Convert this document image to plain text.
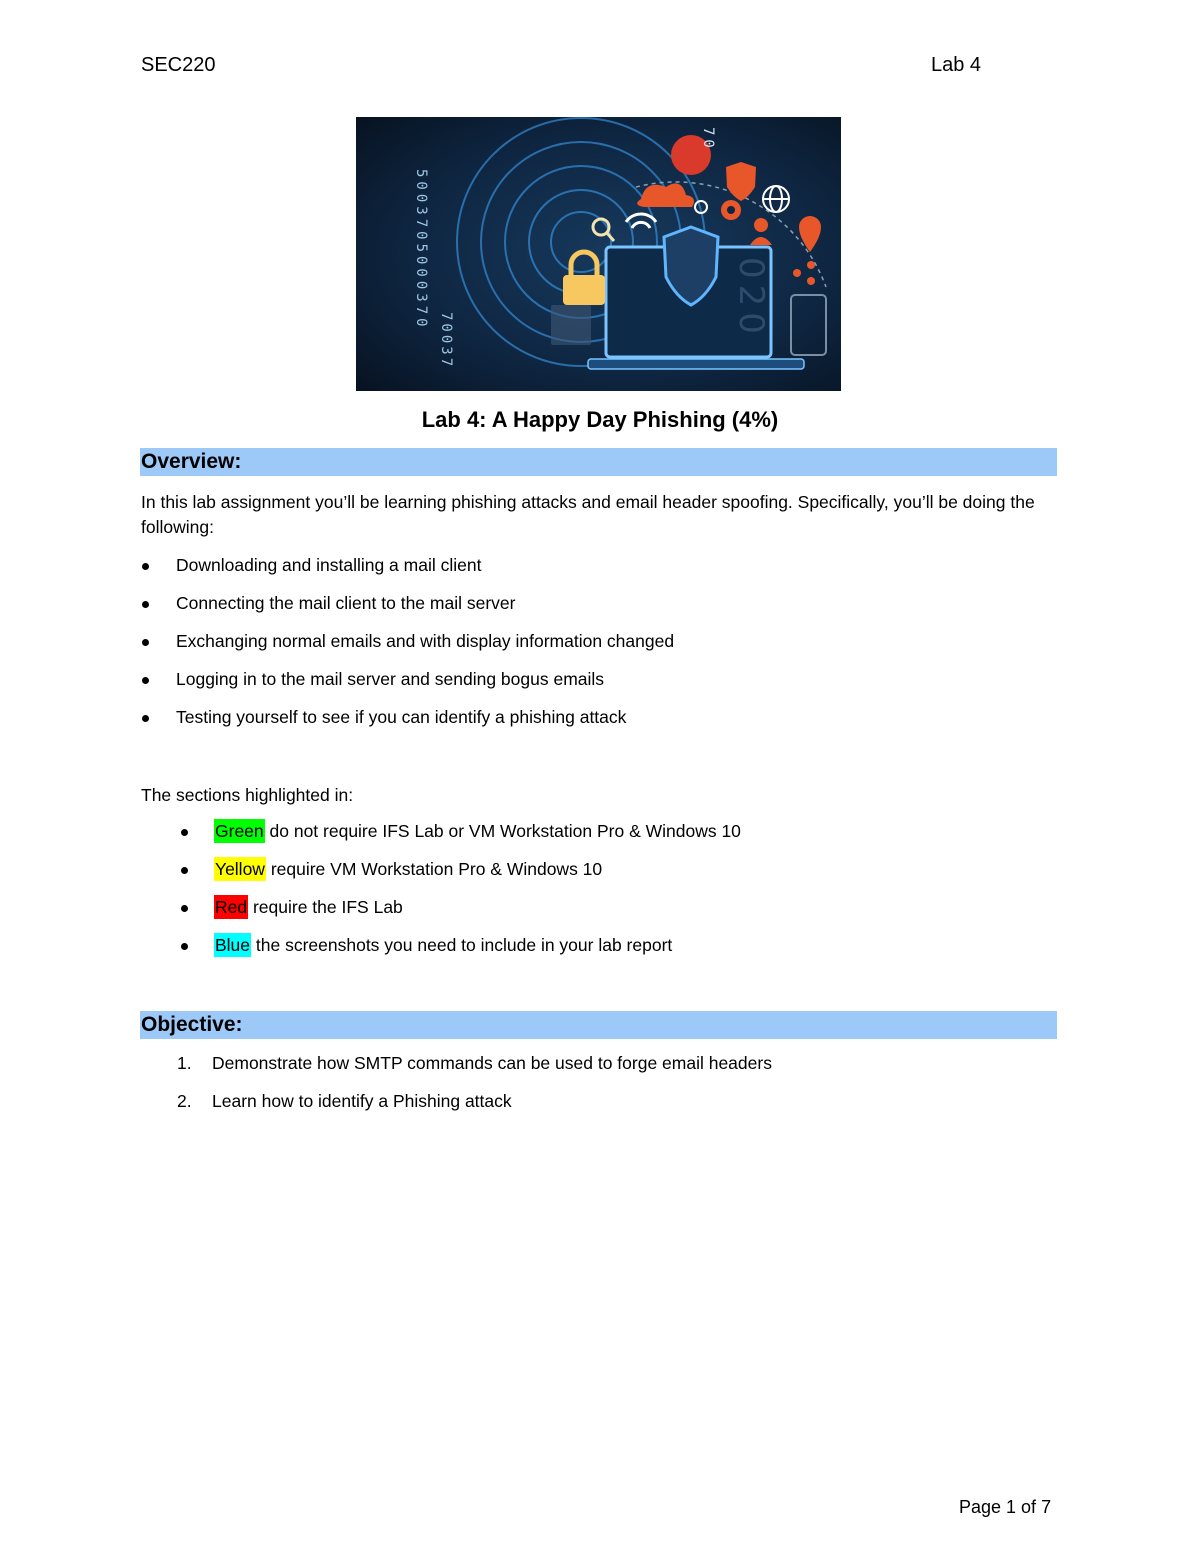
SEC220	Lab 4
5003705000370
70037
70
020
Lab 4: A Happy Day Phishing (4%)
Overview:
In this lab assignment you’ll be learning phishing attacks and email header spoofing. Specifically, you’ll be doing the following:
Downloading and installing a mail client
Connecting the mail client to the mail server
Exchanging normal emails and with display information changed
Logging in to the mail server and sending bogus emails
Testing yourself to see if you can identify a phishing attack
The sections highlighted in:
Green do not require IFS Lab or VM Workstation Pro & Windows 10
Yellow require VM Workstation Pro & Windows 10
Red require the IFS Lab
Blue the screenshots you need to include in your lab report
Objective:
1. Demonstrate how SMTP commands can be used to forge email headers
2. Learn how to identify a Phishing attack
Page 1 of 7
